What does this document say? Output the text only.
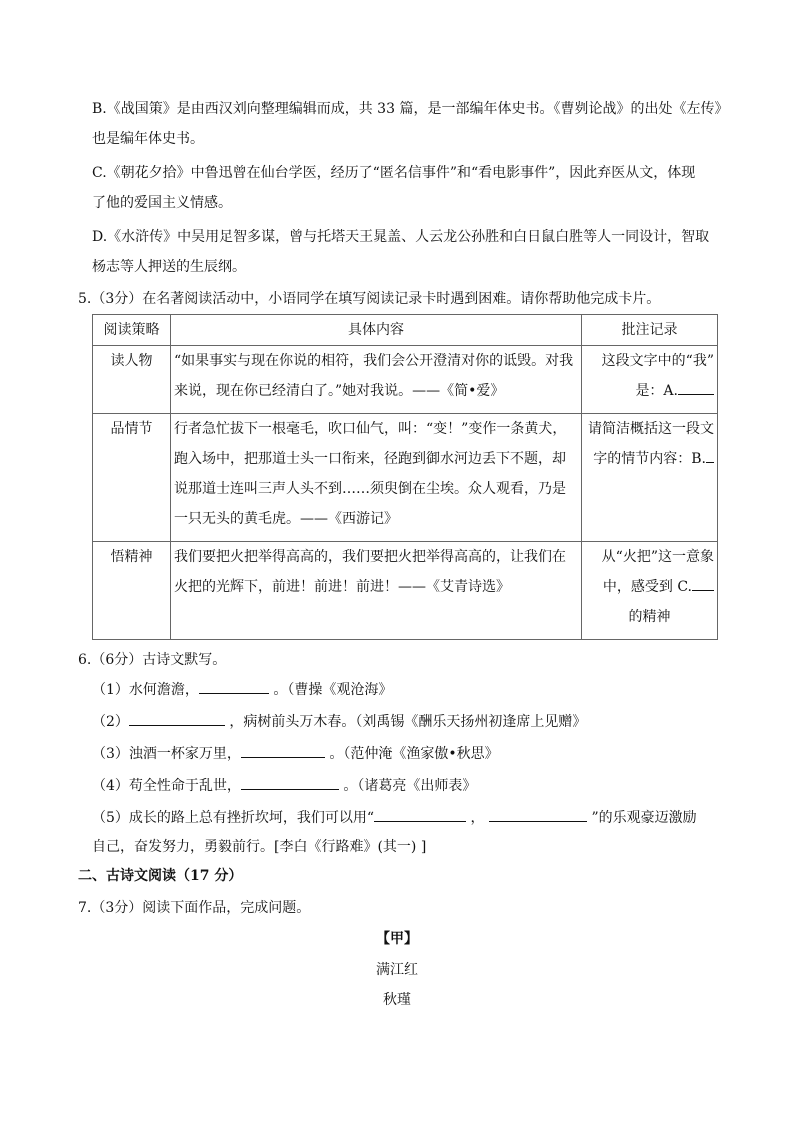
B.《战国策》是由西汉刘向整理编辑而成，共 33 篇，是一部编年体史书。《曹刿论战》的出处《左传》
也是编年体史书。
C.《朝花夕拾》中鲁迅曾在仙台学医，经历了“匿名信事件”和“看电影事件”，因此弃医从文，体现
了他的爱国主义情感。
D.《水浒传》中吴用足智多谋，曾与托塔天王晁盖、人云龙公孙胜和白日鼠白胜等人一同设计，智取
杨志等人押送的生辰纲。
5.（3分）在名著阅读活动中，小语同学在填写阅读记录卡时遇到困难。请你帮助他完成卡片。
阅读策略	具体内容	批注记录
读人物	“如果事实与现在你说的相符，我们会公开澄清对你的诋毁。对我来说，现在你已经清白了。”她对我说。——《简•爱》	这段文字中的“我”
是：A.

品情节	行者急忙拔下一根毫毛，吹口仙气，叫：“变！”变作一条黄犬，跑入场中，把那道士头一口衔来，径跑到御水河边丢下不题，却说那道士连叫三声人头不到……须臾倒在尘埃。众人观看，乃是一只无头的黄毛虎。——《西游记》	请简洁概括这一段文
字的情节内容：B.

悟精神	我们要把火把举得高高的，我们要把火把举得高高的，让我们在火把的光辉下，前进！前进！前进！——《艾青诗选》	从“火把”这一意象
中，感受到 C.
的精神
6.（6分）古诗文默写。
（1）水何澹澹，	。（曹操《观沧海》
（2）	，病树前头万木春。（刘禹锡《酬乐天扬州初逢席上见赠》
（3）浊酒一杯家万里，	。（范仲淹《渔家傲•秋思》
（4）苟全性命于乱世，	。（诸葛亮《出师表》
（5）成长的路上总有挫折坎坷，我们可以用“	，	”的乐观豪迈激励
自己，奋发努力，勇毅前行。[李白《行路难》(其一) ]
二、古诗文阅读（17 分）
7.（3分）阅读下面作品，完成问题。
【甲】
满江红
秋瑾
